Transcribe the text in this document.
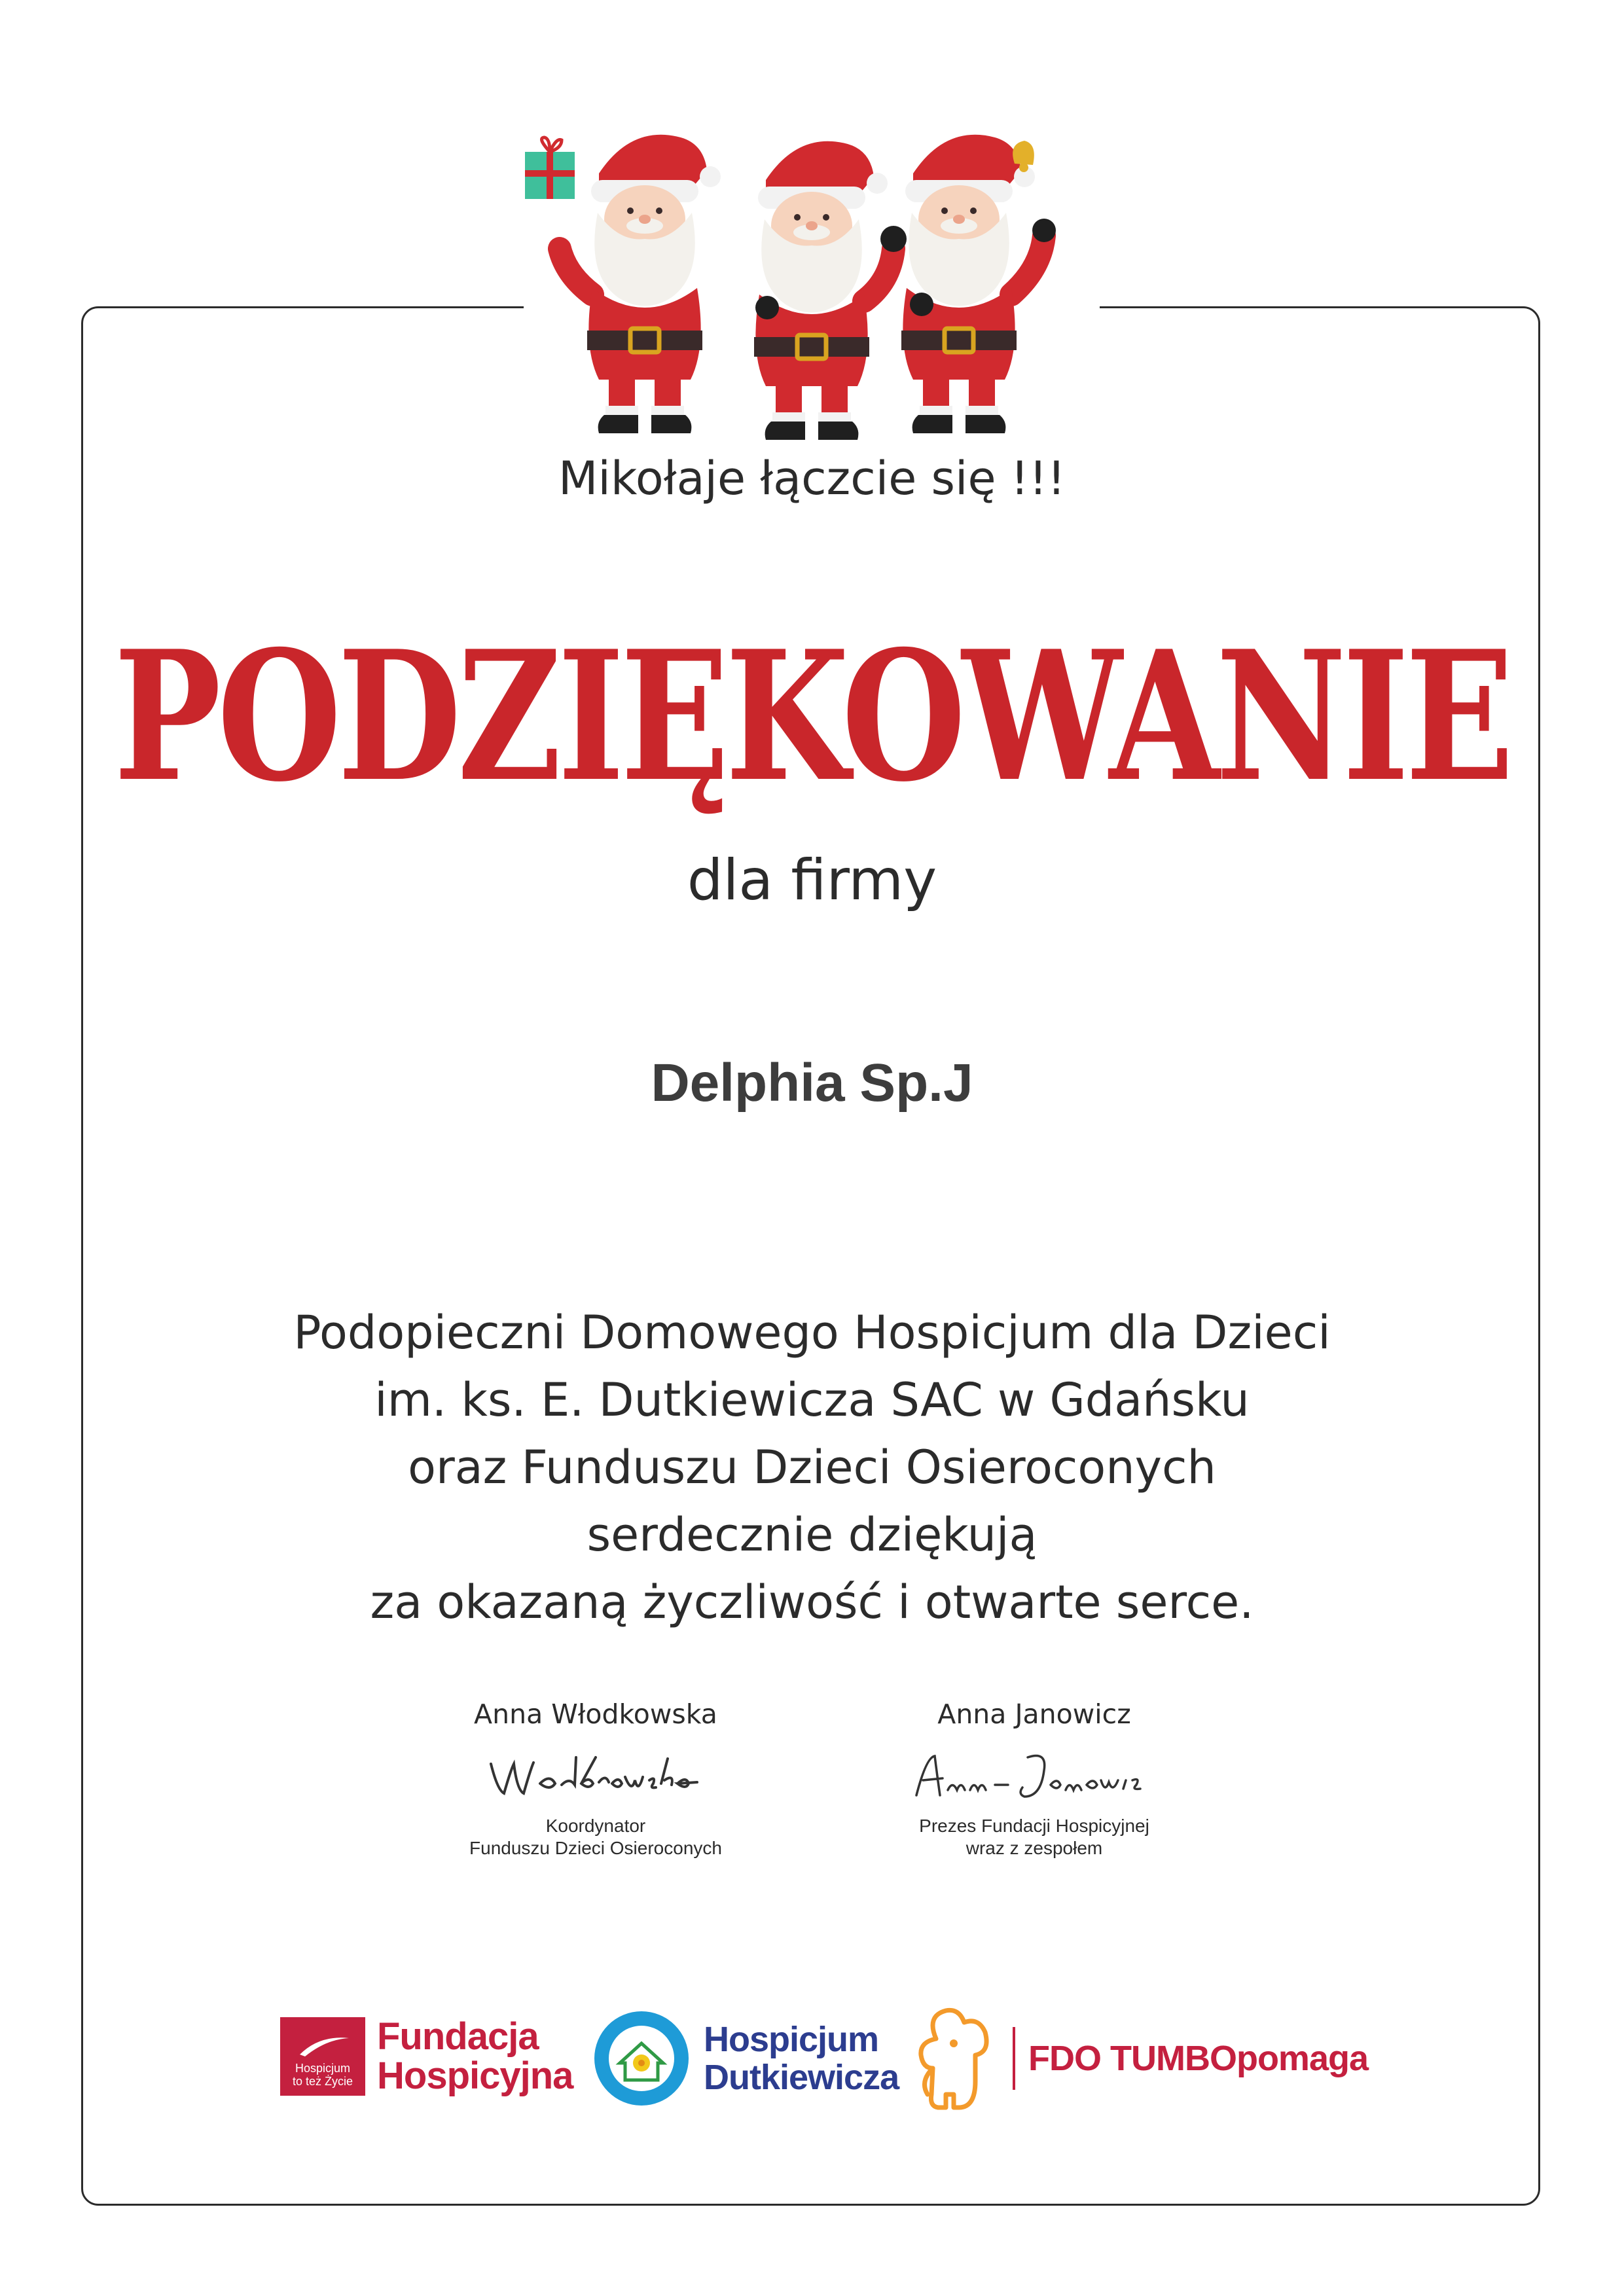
Mikołaje łączcie się !!!
PODZIĘKOWANIE
dla firmy
Delphia Sp.J
Podopieczni Domowego Hospicjum dla Dzieci
im. ks. E. Dutkiewicza SAC w Gdańsku
oraz Funduszu Dzieci Osieroconych
serdecznie dziękują
za okazaną życzliwość i otwarte serce.
Anna Włodkowska
Koordynator
Funduszu Dzieci Osieroconych
Anna Janowicz
Prezes Fundacji Hospicyjnej
wraz z zespołem
Hospicjum
to też Życie
Fundacja
Hospicyjna
Hospicjum
Dutkiewicza	FDO TUMBOpomaga
